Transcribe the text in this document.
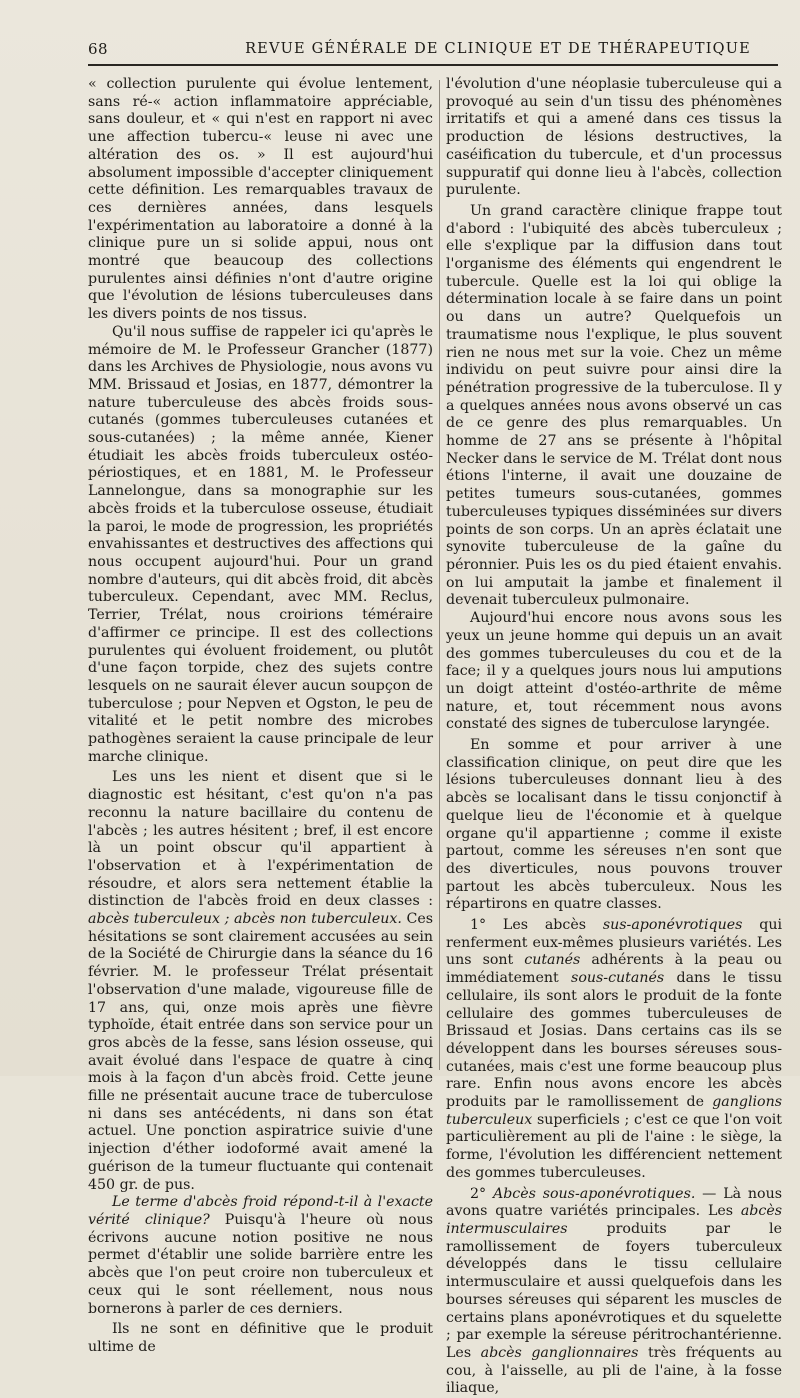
68	REVUE GÉNÉRALE DE CLINIQUE ET DE THÉRAPEUTIQUE

« collection purulente qui évolue lentement, sans ré-« action inflammatoire appréciable, sans douleur, et « qui n'est en rapport ni avec une affection tubercu-« leuse ni avec une altération des os. » Il est aujourd'hui absolument impossible d'accepter cliniquement cette définition. Les remarquables travaux de ces dernières années, dans lesquels l'expérimentation au laboratoire a donné à la clinique pure un si solide appui, nous ont montré que beaucoup des collections purulentes ainsi définies n'ont d'autre origine que l'évolution de lésions tuberculeuses dans les divers points de nos tissus.

Qu'il nous suffise de rappeler ici qu'après le mémoire de M. le Professeur Grancher (1877) dans les Archives de Physiologie, nous avons vu MM. Brissaud et Josias, en 1877, démontrer la nature tuberculeuse des abcès froids sous-cutanés (gommes tuberculeuses cutanées et sous-cutanées) ; la même année, Kiener étudiait les abcès froids tuberculeux ostéo-périostiques, et en 1881, M. le Professeur Lannelongue, dans sa monographie sur les abcès froids et la tuberculose osseuse, étudiait la paroi, le mode de progression, les propriétés envahissantes et destructives des affections qui nous occupent aujourd'hui. Pour un grand nombre d'auteurs, qui dit abcès froid, dit abcès tuberculeux. Cependant, avec MM. Reclus, Terrier, Trélat, nous croirions téméraire d'affirmer ce principe. Il est des collections purulentes qui évoluent froidement, ou plutôt d'une façon torpide, chez des sujets contre lesquels on ne saurait élever aucun soupçon de tuberculose ; pour Nepven et Ogston, le peu de vitalité et le petit nombre des microbes pathogènes seraient la cause principale de leur marche clinique.

Les uns les nient et disent que si le diagnostic est hésitant, c'est qu'on n'a pas reconnu la nature bacillaire du contenu de l'abcès ; les autres hésitent ; bref, il est encore là un point obscur qu'il appartient à l'observation et à l'expérimentation de résoudre, et alors sera nettement établie la distinction de l'abcès froid en deux classes : abcès tuberculeux ; abcès non tuberculeux. Ces hésitations se sont clairement accusées au sein de la Société de Chirurgie dans la séance du 16 février. M. le professeur Trélat présentait l'observation d'une malade, vigoureuse fille de 17 ans, qui, onze mois après une fièvre typhoïde, était entrée dans son service pour un gros abcès de la fesse, sans lésion osseuse, qui avait évolué dans l'espace de quatre à cinq mois à la façon d'un abcès froid. Cette jeune fille ne présentait aucune trace de tuberculose ni dans ses antécédents, ni dans son état actuel. Une ponction aspiratrice suivie d'une injection d'éther iodoformé avait amené la guérison de la tumeur fluctuante qui contenait 450 gr. de pus.

Le terme d'abcès froid répond-t-il à l'exacte vérité clinique? Puisqu'à l'heure où nous écrivons aucune notion positive ne nous permet d'établir une solide barrière entre les abcès que l'on peut croire non tuberculeux et ceux qui le sont réellement, nous nous bornerons à parler de ces derniers.

Ils ne sont en définitive que le produit ultime de

l'évolution d'une néoplasie tuberculeuse qui a provoqué au sein d'un tissu des phénomènes irritatifs et qui a amené dans ces tissus la production de lésions destructives, la caséification du tubercule, et d'un processus suppuratif qui donne lieu à l'abcès, collection purulente.

Un grand caractère clinique frappe tout d'abord : l'ubiquité des abcès tuberculeux ; elle s'explique par la diffusion dans tout l'organisme des éléments qui engendrent le tubercule. Quelle est la loi qui oblige la détermination locale à se faire dans un point ou dans un autre? Quelquefois un traumatisme nous l'explique, le plus souvent rien ne nous met sur la voie. Chez un même individu on peut suivre pour ainsi dire la pénétration progressive de la tuberculose. Il y a quelques années nous avons observé un cas de ce genre des plus remarquables. Un homme de 27 ans se présente à l'hôpital Necker dans le service de M. Trélat dont nous étions l'interne, il avait une douzaine de petites tumeurs sous-cutanées, gommes tuberculeuses typiques disséminées sur divers points de son corps. Un an après éclatait une synovite tuberculeuse de la gaîne du péronnier. Puis les os du pied étaient envahis. on lui amputait la jambe et finalement il devenait tuberculeux pulmonaire.

Aujourd'hui encore nous avons sous les yeux un jeune homme qui depuis un an avait des gommes tuberculeuses du cou et de la face; il y a quelques jours nous lui amputions un doigt atteint d'ostéo-arthrite de même nature, et, tout récemment nous avons constaté des signes de tuberculose laryngée.

En somme et pour arriver à une classification clinique, on peut dire que les lésions tuberculeuses donnant lieu à des abcès se localisant dans le tissu conjonctif à quelque lieu de l'économie et à quelque organe qu'il appartienne ; comme il existe partout, comme les séreuses n'en sont que des diverticules, nous pouvons trouver partout les abcès tuberculeux. Nous les répartirons en quatre classes.

1° Les abcès sus-aponévrotiques qui renferment eux-mêmes plusieurs variétés. Les uns sont cutanés adhérents à la peau ou immédiatement sous-cutanés dans le tissu cellulaire, ils sont alors le produit de la fonte cellulaire des gommes tuberculeuses de Brissaud et Josias. Dans certains cas ils se développent dans les bourses séreuses sous-cutanées, mais c'est une forme beaucoup plus rare. Enfin nous avons encore les abcès produits par le ramollissement de ganglions tuberculeux superficiels ; c'est ce que l'on voit particulièrement au pli de l'aine : le siège, la forme, l'évolution les différencient nettement des gommes tuberculeuses.

2° Abcès sous-aponévrotiques. — Là nous avons quatre variétés principales. Les abcès intermusculaires produits par le ramollissement de foyers tuberculeux développés dans le tissu cellulaire intermusculaire et aussi quelquefois dans les bourses séreuses qui séparent les muscles de certains plans aponévrotiques et du squelette ; par exemple la séreuse péritrochantérienne. Les abcès ganglionnaires très fréquents au cou, à l'aisselle, au pli de l'aine, à la fosse iliaque,
